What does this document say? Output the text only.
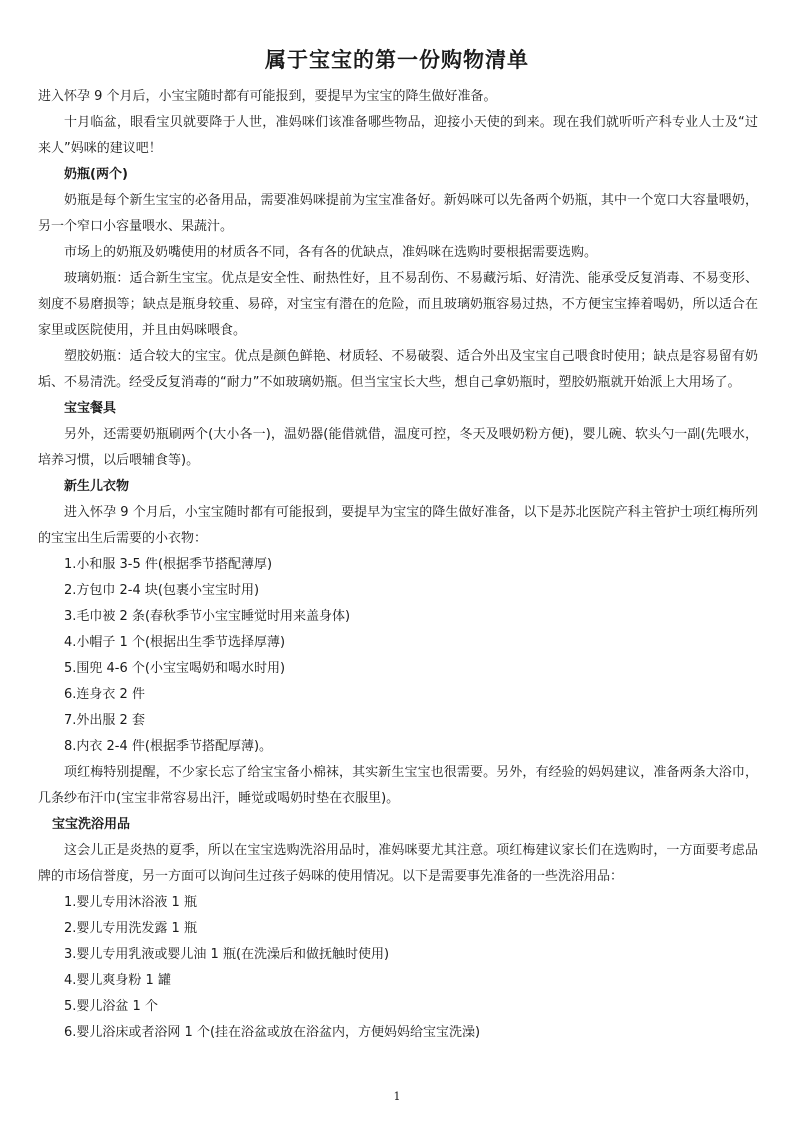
属于宝宝的第一份购物清单

进入怀孕 9 个月后，小宝宝随时都有可能报到，要提早为宝宝的降生做好准备。

十月临盆，眼看宝贝就要降于人世，准妈咪们该准备哪些物品，迎接小天使的到来。现在我们就听听产科专业人士及“过来人”妈咪的建议吧！

奶瓶(两个)

奶瓶是每个新生宝宝的必备用品，需要准妈咪提前为宝宝准备好。新妈咪可以先备两个奶瓶，其中一个宽口大容量喂奶，另一个窄口小容量喂水、果蔬汁。

市场上的奶瓶及奶嘴使用的材质各不同，各有各的优缺点，准妈咪在选购时要根据需要选购。

玻璃奶瓶：适合新生宝宝。优点是安全性、耐热性好，且不易刮伤、不易藏污垢、好清洗、能承受反复消毒、不易变形、刻度不易磨损等；缺点是瓶身较重、易碎，对宝宝有潜在的危险，而且玻璃奶瓶容易过热，不方便宝宝捧着喝奶，所以适合在家里或医院使用，并且由妈咪喂食。

塑胶奶瓶：适合较大的宝宝。优点是颜色鲜艳、材质轻、不易破裂、适合外出及宝宝自己喂食时使用；缺点是容易留有奶垢、不易清洗。经受反复消毒的“耐力”不如玻璃奶瓶。但当宝宝长大些，想自己拿奶瓶时，塑胶奶瓶就开始派上大用场了。

宝宝餐具

另外，还需要奶瓶刷两个(大小各一)，温奶器(能借就借，温度可控，冬天及喂奶粉方便)，婴儿碗、软头勺一副(先喂水，培养习惯，以后喂辅食等)。

新生儿衣物

进入怀孕 9 个月后，小宝宝随时都有可能报到，要提早为宝宝的降生做好准备，以下是苏北医院产科主管护士项红梅所列的宝宝出生后需要的小衣物：

1.小和服 3-5 件(根据季节搭配薄厚)

2.方包巾 2-4 块(包裹小宝宝时用)

3.毛巾被 2 条(春秋季节小宝宝睡觉时用来盖身体)

4.小帽子 1 个(根据出生季节选择厚薄)

5.围兜 4-6 个(小宝宝喝奶和喝水时用)

6.连身衣 2 件

7.外出服 2 套

8.内衣 2-4 件(根据季节搭配厚薄)。

项红梅特别提醒，不少家长忘了给宝宝备小棉袜，其实新生宝宝也很需要。另外，有经验的妈妈建议，准备两条大浴巾，几条纱布汗巾(宝宝非常容易出汗，睡觉或喝奶时垫在衣服里)。

宝宝洗浴用品

这会儿正是炎热的夏季，所以在宝宝选购洗浴用品时，准妈咪要尤其注意。项红梅建议家长们在选购时，一方面要考虑品牌的市场信誉度，另一方面可以询问生过孩子妈咪的使用情况。以下是需要事先准备的一些洗浴用品：

1.婴儿专用沐浴液 1 瓶

2.婴儿专用洗发露 1 瓶

3.婴儿专用乳液或婴儿油 1 瓶(在洗澡后和做抚触时使用)

4.婴儿爽身粉 1 罐

5.婴儿浴盆 1 个

6.婴儿浴床或者浴网 1 个(挂在浴盆或放在浴盆内，方便妈妈给宝宝洗澡)

1
